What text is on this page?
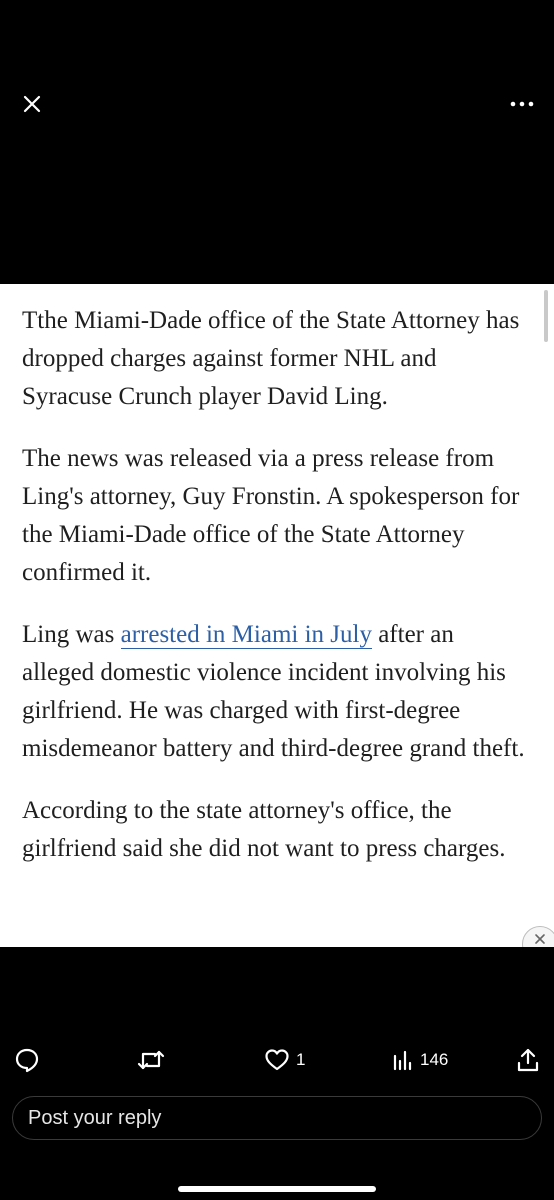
Tthe Miami-Dade office of the State Attorney has dropped charges against former NHL and Syracuse Crunch player David Ling.

The news was released via a press release from Ling's attorney, Guy Fronstin. A spokesperson for the Miami-Dade office of the State Attorney confirmed it.

Ling was arrested in Miami in July after an alleged domestic violence incident involving his girlfriend. He was charged with first-degree misdemeanor battery and third-degree grand theft.

According to the state attorney's office, the girlfriend said she did not want to press charges.

1	146
Post your reply
